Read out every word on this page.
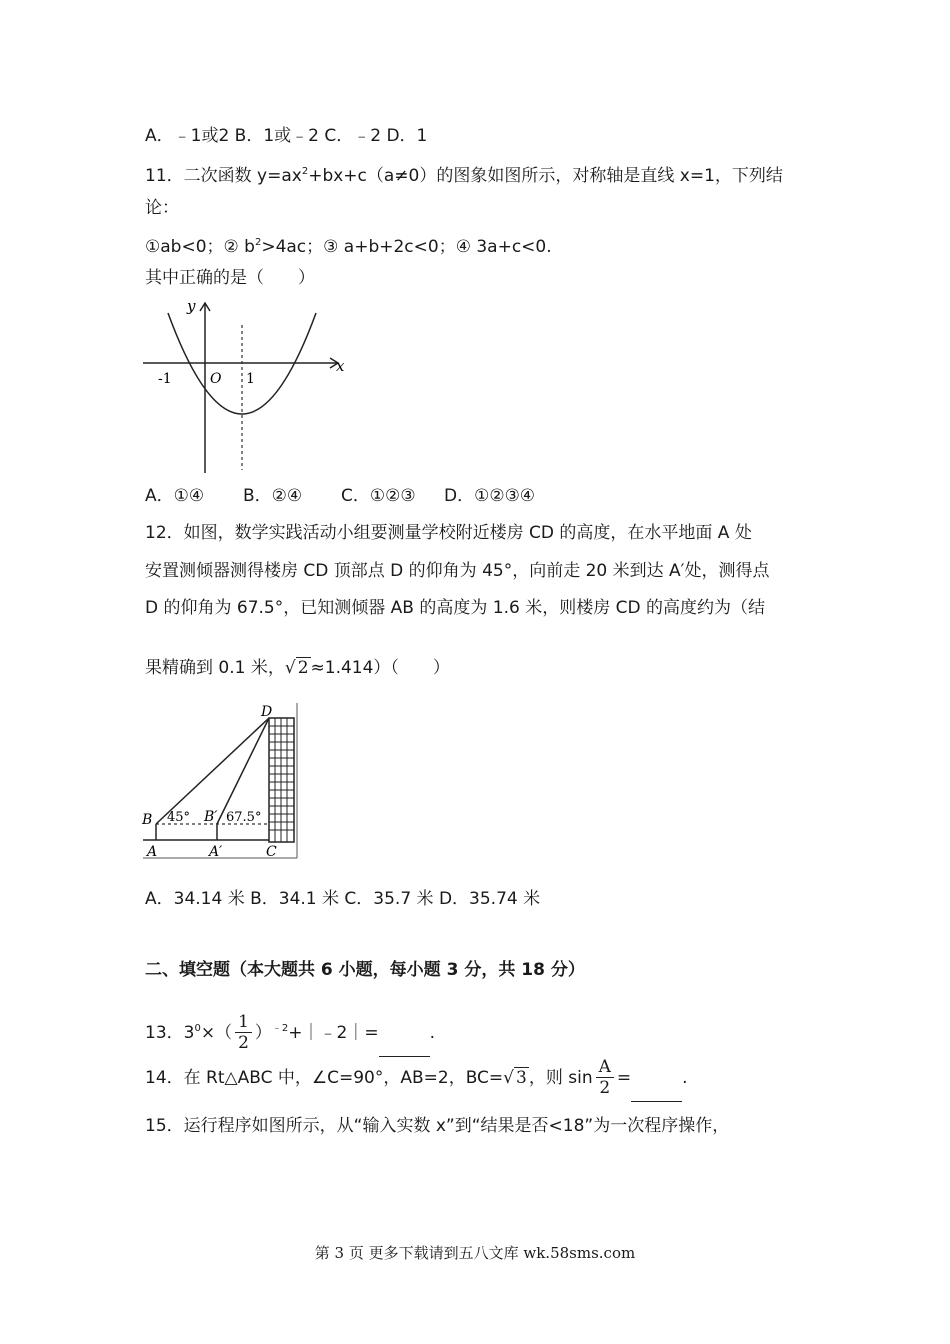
A．﹣1或2 B．1或﹣2 C．﹣2 D．1
11．二次函数 $y=ax^2+bx+c(a\ne 0)$的图象如图所示，对称轴是直线 x=1，下列结
论：
①ab<0；② $b^2>4ac$；③ a+b+2c<0；④ 3a+c<0.
其中正确的是（　　）
y
x
O
-1	1
A．①④ B．②④ C．①②③ D．①②③④
12．如图，数学实践活动小组要测量学校附近楼房 CD 的高度，在水平地面 A 处
安置测倾器测得楼房 CD 顶部点 D 的仰角为 45°，向前走 20 米到达 A′处，测得点
D 的仰角为 67.5°，已知测倾器 AB 的高度为 1.6 米，则楼房 CD 的高度约为（结
果精确到 0.1 米，√ 2 ≈1.414）（　　）
D
B	B′
45°	67.5°
A	A′	C
A．34.14 米 B．34.1 米 C．35.7 米 D．35.74 米
二、填空题（本大题共 6 小题，每小题 3 分，共 18 分）
13．$3^0\times( \frac{1}{2}$ ）$^{﹣2}+|﹣2|=$	.
14．在 Rt△ABC 中，∠C=90°，AB=2，BC=√ 3 ，则 $\sin \frac{A}{2}$ =	.
15．运行程序如图所示，从“输入实数 x”到“结果是否<18”为一次程序操作，
第 3 页 更多下载请到五八文库 wk.58sms.com
